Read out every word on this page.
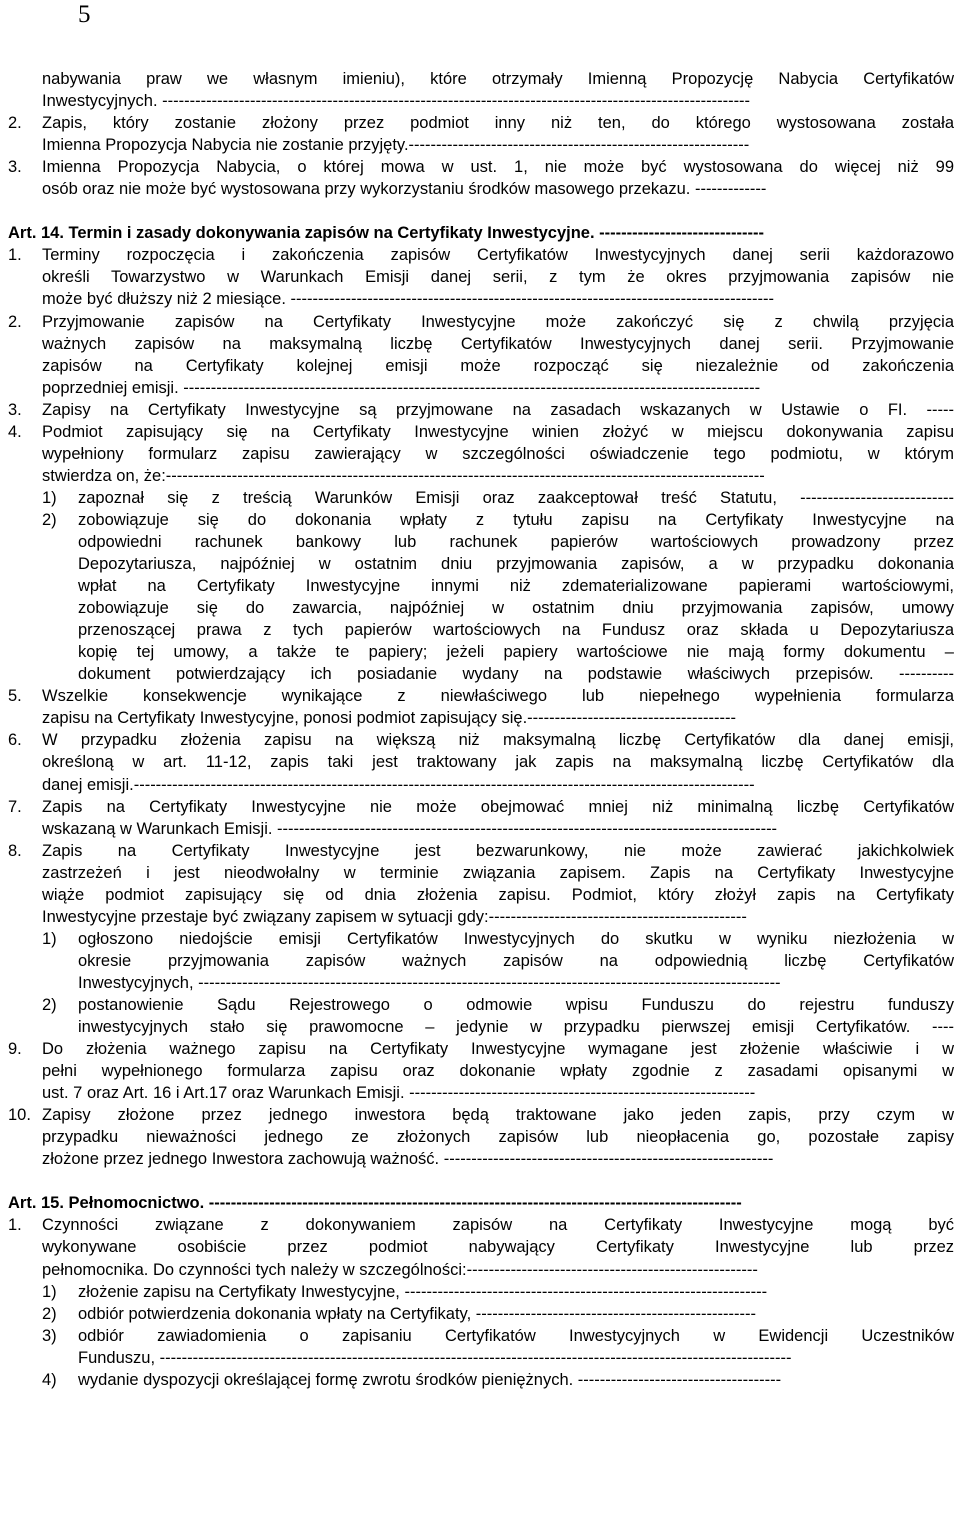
5
nabywania praw we własnym imieniu), które otrzymały Imienną Propozycję Nabycia Certyfikatów
Inwestycyjnych. -----------------------------------------------------------------------------------------------------------
2.	Zapis, który zostanie złożony przez podmiot inny niż ten, do którego wystosowana została
Imienna Propozycja Nabycia nie zostanie przyjęty.--------------------------------------------------------------
3.	Imienna Propozycja Nabycia, o której mowa w ust. 1, nie może być wystosowana do więcej niż 99
osób oraz nie może być wystosowana przy wykorzystaniu środków masowego przekazu. -------------
Art. 14. Termin i zasady dokonywania zapisów na Certyfikaty Inwestycyjne. ------------------------------
1.	Terminy rozpoczęcia i zakończenia zapisów Certyfikatów Inwestycyjnych danej serii każdorazowo
określi Towarzystwo w Warunkach Emisji danej serii, z tym że okres przyjmowania zapisów nie
może być dłuższy niż 2 miesiące. ----------------------------------------------------------------------------------------
2.	Przyjmowanie zapisów na Certyfikaty Inwestycyjne może zakończyć się z chwilą przyjęcia
ważnych zapisów na maksymalną liczbę Certyfikatów Inwestycyjnych danej serii. Przyjmowanie
zapisów na Certyfikaty kolejnej emisji może rozpocząć się niezależnie od zakończenia
poprzedniej emisji. ---------------------------------------------------------------------------------------------------------
3.	Zapisy na Certyfikaty Inwestycyjne są przyjmowane na zasadach wskazanych w Ustawie o FI. -----
4.	Podmiot zapisujący się na Certyfikaty Inwestycyjne winien złożyć w miejscu dokonywania zapisu
wypełniony formularz zapisu zawierający w szczególności oświadczenie tego podmiotu, w którym
stwierdza on, że:-------------------------------------------------------------------------------------------------------------
1)	zapoznał się z treścią Warunków Emisji oraz zaakceptował treść Statutu, ----------------------------
2)	zobowiązuje się do dokonania wpłaty z tytułu zapisu na Certyfikaty Inwestycyjne na
odpowiedni rachunek bankowy lub rachunek papierów wartościowych prowadzony przez
Depozytariusza, najpóźniej w ostatnim dniu przyjmowania zapisów, a w przypadku dokonania
wpłat na Certyfikaty Inwestycyjne innymi niż zdematerializowane papierami wartościowymi,
zobowiązuje się do zawarcia, najpóźniej w ostatnim dniu przyjmowania zapisów, umowy
przenoszącej prawa z tych papierów wartościowych na Fundusz oraz składa u Depozytariusza
kopię tej umowy, a także te papiery; jeżeli papiery wartościowe nie mają formy dokumentu –
dokument potwierdzający ich posiadanie wydany na podstawie właściwych przepisów. ----------
5.	Wszelkie konsekwencje wynikające z niewłaściwego lub niepełnego wypełnienia formularza
zapisu na Certyfikaty Inwestycyjne, ponosi podmiot zapisujący się.--------------------------------------
6.	W przypadku złożenia zapisu na większą niż maksymalną liczbę Certyfikatów dla danej emisji,
określoną w art. 11-12, zapis taki jest traktowany jak zapis na maksymalną liczbę Certyfikatów dla
danej emisji.-----------------------------------------------------------------------------------------------------------------
7.	Zapis na Certyfikaty Inwestycyjne nie może obejmować mniej niż minimalną liczbę Certyfikatów
wskazaną w Warunkach Emisji. -------------------------------------------------------------------------------------------
8.	Zapis na Certyfikaty Inwestycyjne jest bezwarunkowy, nie może zawierać jakichkolwiek
zastrzeżeń i jest nieodwołalny w terminie związania zapisem. Zapis na Certyfikaty Inwestycyjne
wiąże podmiot zapisujący się od dnia złożenia zapisu. Podmiot, który złożył zapis na Certyfikaty
Inwestycyjne przestaje być związany zapisem w sytuacji gdy:-----------------------------------------------
1)	ogłoszono niedojście emisji Certyfikatów Inwestycyjnych do skutku w wyniku niezłożenia w
okresie przyjmowania zapisów ważnych zapisów na odpowiednią liczbę Certyfikatów
Inwestycyjnych, ----------------------------------------------------------------------------------------------------------
2)	postanowienie Sądu Rejestrowego o odmowie wpisu Funduszu do rejestru funduszy
inwestycyjnych stało się prawomocne – jedynie w przypadku pierwszej emisji Certyfikatów. ----
9.	Do złożenia ważnego zapisu na Certyfikaty Inwestycyjne wymagane jest złożenie właściwie i w
pełni wypełnionego formularza zapisu oraz dokonanie wpłaty zgodnie z zasadami opisanymi w
ust. 7 oraz Art. 16 i Art.17 oraz Warunkach Emisji. ---------------------------------------------------------------
10. Zapisy złożone przez jednego inwestora będą traktowane jako jeden zapis, przy czym w
przypadku nieważności jednego ze złożonych zapisów lub nieopłacenia go, pozostałe zapisy
złożone przez jednego Inwestora zachowują ważność. ------------------------------------------------------------
Art. 15. Pełnomocnictwo. -------------------------------------------------------------------------------------------------
1.	Czynności związane z dokonywaniem zapisów na Certyfikaty Inwestycyjne mogą być
wykonywane osobiście przez podmiot nabywający Certyfikaty Inwestycyjne lub przez
pełnomocnika. Do czynności tych należy w szczególności:-----------------------------------------------------
1)	złożenie zapisu na Certyfikaty Inwestycyjne, ------------------------------------------------------------------
2)	odbiór potwierdzenia dokonania wpłaty na Certyfikaty, ---------------------------------------------------
3)	odbiór zawiadomienia o zapisaniu Certyfikatów Inwestycyjnych w Ewidencji Uczestników
Funduszu, -------------------------------------------------------------------------------------------------------------------
4)	wydanie dyspozycji określającej formę zwrotu środków pieniężnych. -------------------------------------
